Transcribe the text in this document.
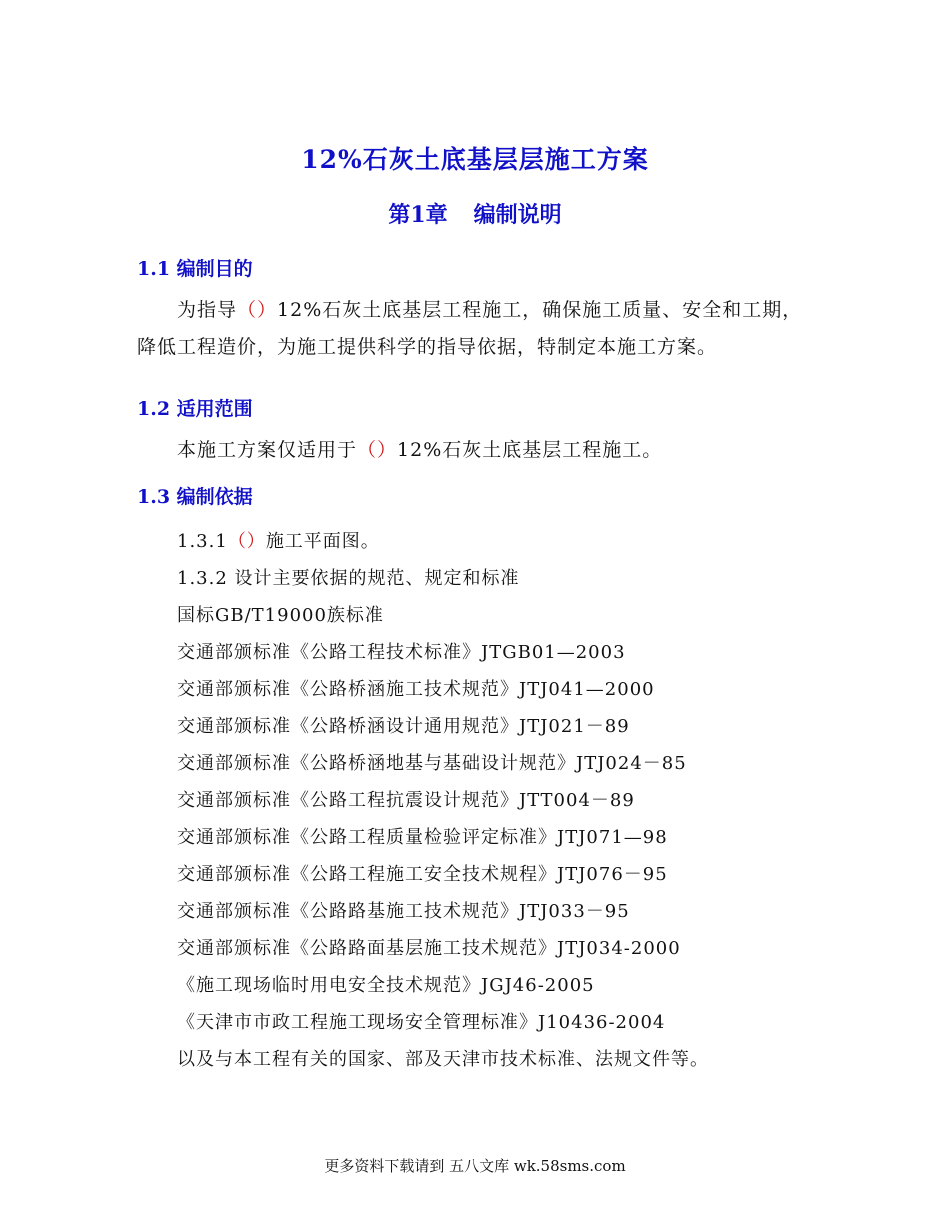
12%石灰土底基层层施工方案
第1章 编制说明
1.1 编制目的
为指导（）12%石灰土底基层工程施工，确保施工质量、安全和工期，降低工程造价，为施工提供科学的指导依据，特制定本施工方案。
1.2 适用范围
本施工方案仅适用于（）12%石灰土底基层工程施工。
1.3 编制依据
1.3.1（）施工平面图。
1.3.2 设计主要依据的规范、规定和标准
国标GB/T19000族标准
交通部颁标准《公路工程技术标准》JTGB01—2003
交通部颁标准《公路桥涵施工技术规范》JTJ041—2000
交通部颁标准《公路桥涵设计通用规范》JTJ021－89
交通部颁标准《公路桥涵地基与基础设计规范》JTJ024－85
交通部颁标准《公路工程抗震设计规范》JTT004－89
交通部颁标准《公路工程质量检验评定标准》JTJ071—98
交通部颁标准《公路工程施工安全技术规程》JTJ076－95
交通部颁标准《公路路基施工技术规范》JTJ033－95
交通部颁标准《公路路面基层施工技术规范》JTJ034-2000
《施工现场临时用电安全技术规范》JGJ46-2005
《天津市市政工程施工现场安全管理标准》J10436-2004
以及与本工程有关的国家、部及天津市技术标准、法规文件等。
更多资料下载请到 五八文库 wk.58sms.com
